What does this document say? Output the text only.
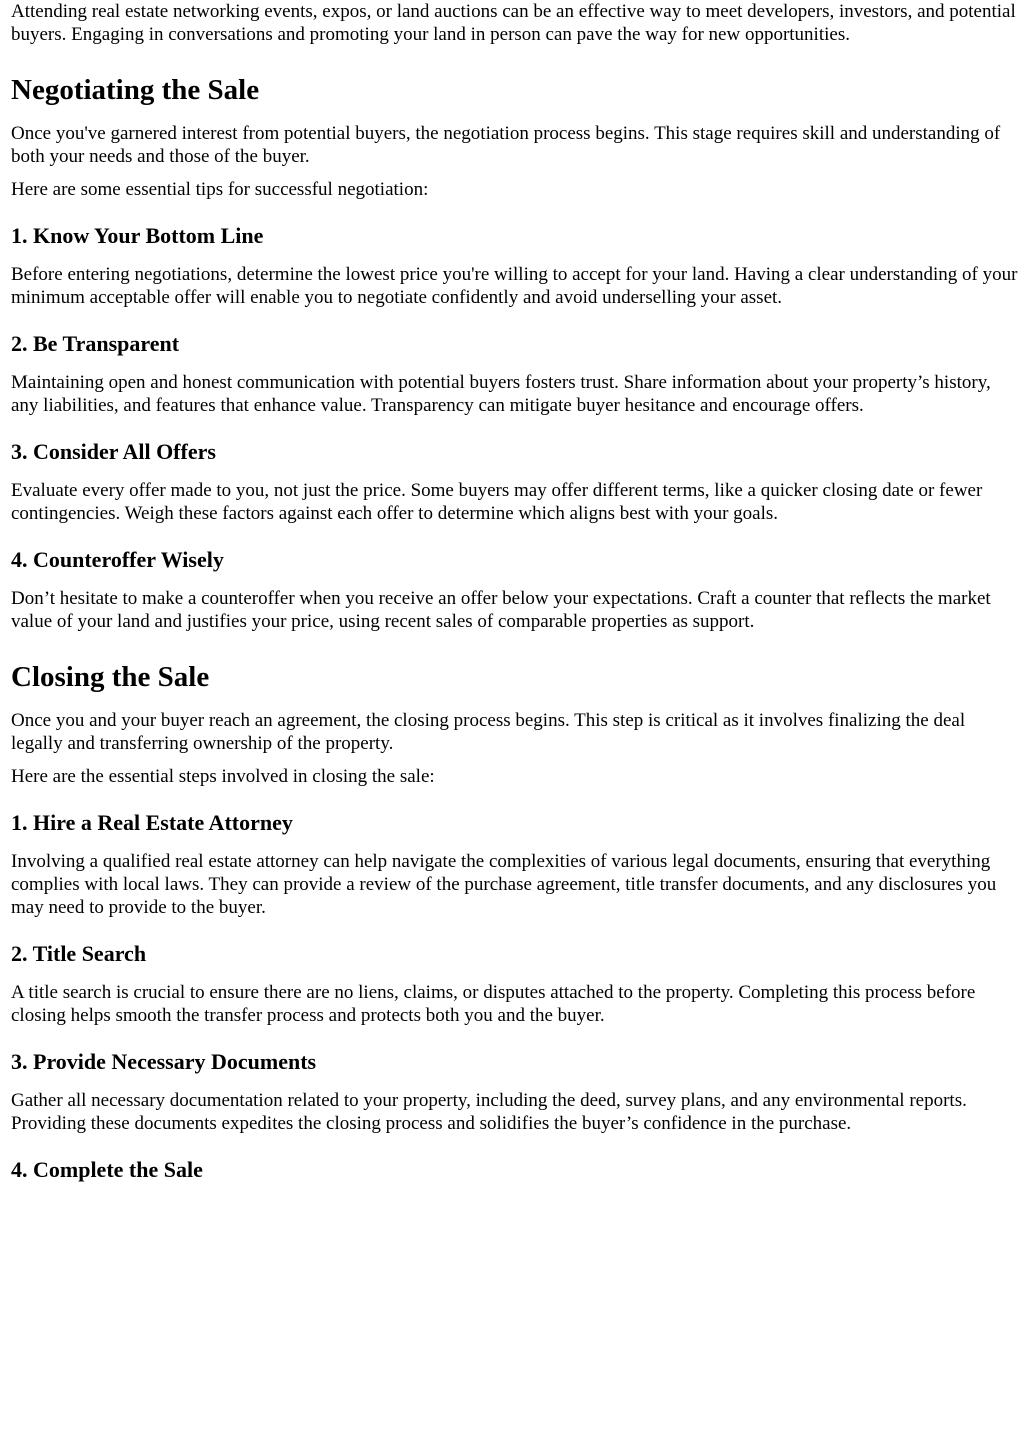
Attending real estate networking events, expos, or land auctions can be an effective way to meet developers, investors, and potential buyers. Engaging in conversations and promoting your land in person can pave the way for new opportunities.

Negotiating the Sale

Once you've garnered interest from potential buyers, the negotiation process begins. This stage requires skill and understanding of both your needs and those of the buyer.

Here are some essential tips for successful negotiation:

1. Know Your Bottom Line

Before entering negotiations, determine the lowest price you're willing to accept for your land. Having a clear understanding of your minimum acceptable offer will enable you to negotiate confidently and avoid underselling your asset.

2. Be Transparent

Maintaining open and honest communication with potential buyers fosters trust. Share information about your property’s history, any liabilities, and features that enhance value. Transparency can mitigate buyer hesitance and encourage offers.

3. Consider All Offers

Evaluate every offer made to you, not just the price. Some buyers may offer different terms, like a quicker closing date or fewer contingencies. Weigh these factors against each offer to determine which aligns best with your goals.

4. Counteroffer Wisely

Don’t hesitate to make a counteroffer when you receive an offer below your expectations. Craft a counter that reflects the market value of your land and justifies your price, using recent sales of comparable properties as support.

Closing the Sale

Once you and your buyer reach an agreement, the closing process begins. This step is critical as it involves finalizing the deal legally and transferring ownership of the property.

Here are the essential steps involved in closing the sale:

1. Hire a Real Estate Attorney

Involving a qualified real estate attorney can help navigate the complexities of various legal documents, ensuring that everything complies with local laws. They can provide a review of the purchase agreement, title transfer documents, and any disclosures you may need to provide to the buyer.

2. Title Search

A title search is crucial to ensure there are no liens, claims, or disputes attached to the property. Completing this process before closing helps smooth the transfer process and protects both you and the buyer.

3. Provide Necessary Documents

Gather all necessary documentation related to your property, including the deed, survey plans, and any environmental reports. Providing these documents expedites the closing process and solidifies the buyer’s confidence in the purchase.

4. Complete the Sale
